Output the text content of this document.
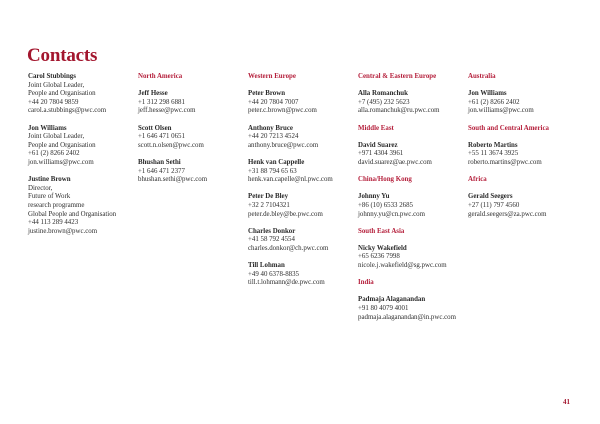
Contacts
Carol Stubbings
Joint Global Leader,
People and Organisation
+44 20 7804 9859
carol.a.stubbings@pwc.com
Jon Williams
Joint Global Leader,
People and Organisation
+61 (2) 8266 2402
jon.williams@pwc.com
Justine Brown
Director,
Future of Work
research programme
Global People and Organisation
+44 113 289 4423
justine.brown@pwc.com
North America
Jeff Hesse
+1 312 298 6881
jeff.hesse@pwc.com
Scott Olsen
+1 646 471 0651
scott.n.olsen@pwc.com
Bhushan Sethi
+1 646 471 2377
bhushan.sethi@pwc.com
Western Europe
Peter Brown
+44 20 7804 7007
peter.c.brown@pwc.com
Anthony Bruce
+44 20 7213 4524
anthony.bruce@pwc.com
Henk van Cappelle
+31 88 794 65 63
henk.van.capelle@nl.pwc.com
Peter De Bley
+32 2 7104321
peter.de.bley@be.pwc.com
Charles Donkor
+41 58 792 4554
charles.donkor@ch.pwc.com
Till Lohman
+49 40 6378-8835
till.t.lohmann@de.pwc.com
Central & Eastern Europe
Alla Romanchuk
+7 (495) 232 5623
alla.romanchuk@ru.pwc.com
Middle East
David Suarez
+971 4304 3961
david.suarez@ae.pwc.com
China/Hong Kong
Johnny Yu
+86 (10) 6533 2685
johnny.yu@cn.pwc.com
South East Asia
Nicky Wakefield
+65 6236 7998
nicole.j.wakefield@sg.pwc.com
India
Padmaja Alaganandan
+91 80 4079 4001
padmaja.alaganandan@in.pwc.com
Australia
Jon Williams
+61 (2) 8266 2402
jon.williams@pwc.com
South and Central America
Roberto Martins
+55 11 3674 3925
roberto.martins@pwc.com
Africa
Gerald Seegers
+27 (11) 797 4560
gerald.seegers@za.pwc.com
41
